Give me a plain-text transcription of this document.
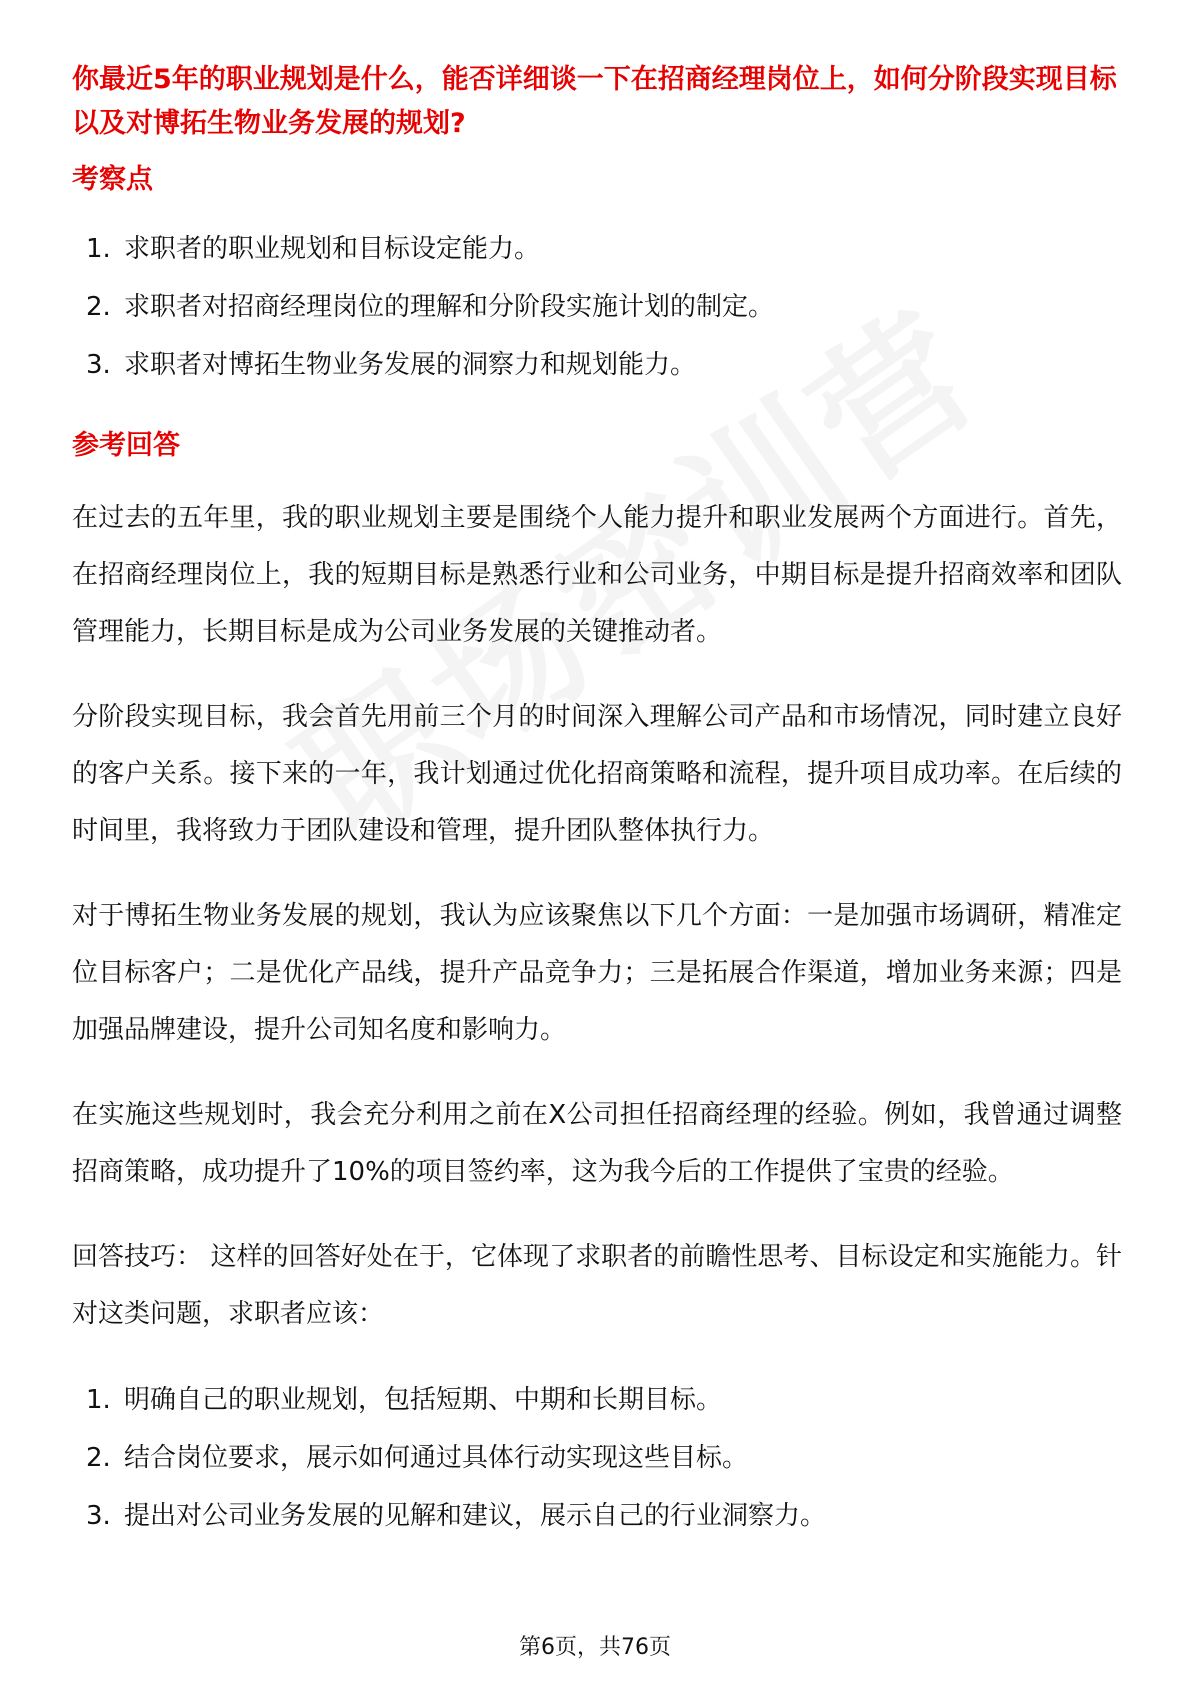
你最近5年的职业规划是什么，能否详细谈一下在招商经理岗位上，如何分阶段实现目标以及对博拓生物业务发展的规划?

考察点
1. 求职者的职业规划和目标设定能力。
2. 求职者对招商经理岗位的理解和分阶段实施计划的制定。
3. 求职者对博拓生物业务发展的洞察力和规划能力。
参考回答

在过去的五年里，我的职业规划主要是围绕个人能力提升和职业发展两个方面进行。首先，在招商经理岗位上，我的短期目标是熟悉行业和公司业务，中期目标是提升招商效率和团队管理能力，长期目标是成为公司业务发展的关键推动者。

分阶段实现目标，我会首先用前三个月的时间深入理解公司产品和市场情况，同时建立良好的客户关系。接下来的一年，我计划通过优化招商策略和流程，提升项目成功率。在后续的时间里，我将致力于团队建设和管理，提升团队整体执行力。

对于博拓生物业务发展的规划，我认为应该聚焦以下几个方面：一是加强市场调研，精准定位目标客户；二是优化产品线，提升产品竞争力；三是拓展合作渠道，增加业务来源；四是加强品牌建设，提升公司知名度和影响力。

在实施这些规划时，我会充分利用之前在X公司担任招商经理的经验。例如，我曾通过调整招商策略，成功提升了10%的项目签约率，这为我今后的工作提供了宝贵的经验。

回答技巧： 这样的回答好处在于，它体现了求职者的前瞻性思考、目标设定和实施能力。针对这类问题，求职者应该：

1. 明确自己的职业规划，包括短期、中期和长期目标。
2. 结合岗位要求，展示如何通过具体行动实现这些目标。
3. 提出对公司业务发展的见解和建议，展示自己的行业洞察力。
第6页，共76页
